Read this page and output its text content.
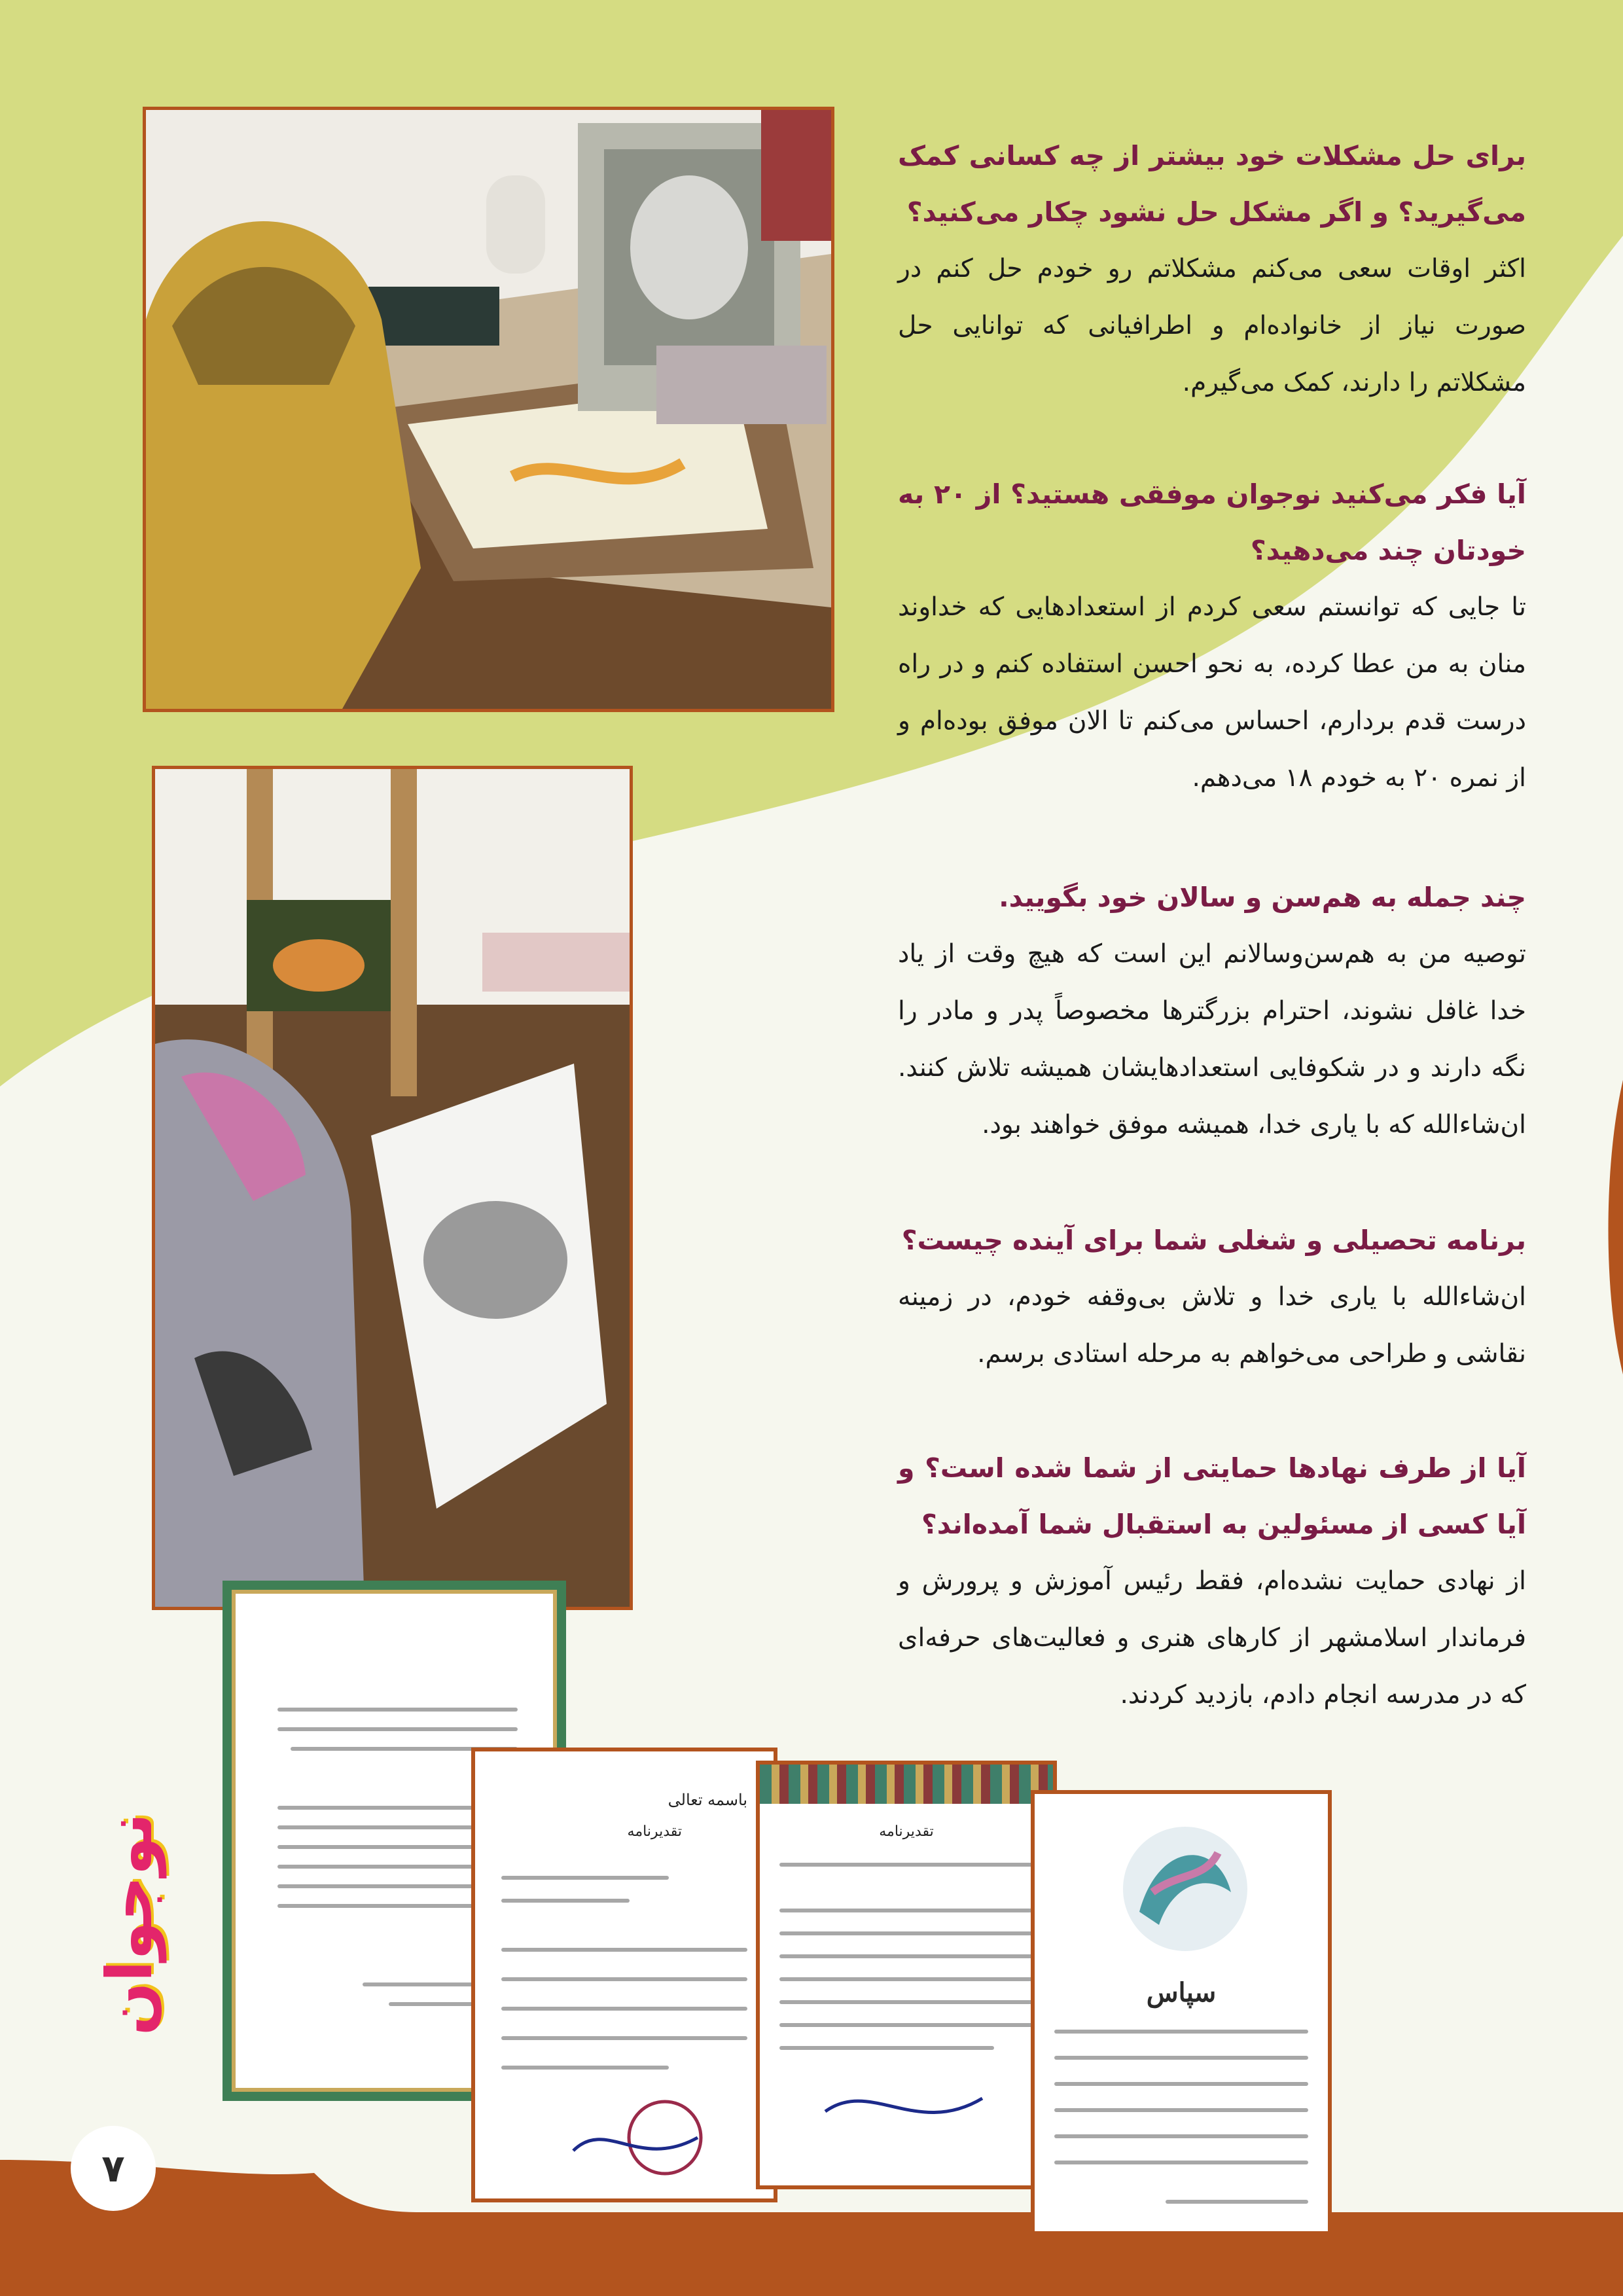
باسمه تعالی
تقدیرنامه	تقدیرنامه
سپاس

برای حل مشکلات خود بیشتر از چه کسانی کمک می‌گیرید؟ و اگر مشکل حل نشود چکار می‌کنید؟

اکثر اوقات سعی می‌کنم مشکلاتم رو خودم حل کنم در صورت نیاز از خانواده‌ام و اطرافیانی که توانایی حل مشکلاتم را دارند، کمک می‌گیرم.

آیا فکر می‌کنید نوجوان موفقی هستید؟ از ۲۰ به خودتان چند می‌دهید؟

تا جایی که توانستم سعی کردم از استعدادهایی که خداوند منان به من عطا کرده، به نحو احسن استفاده کنم و در راه درست قدم بردارم، احساس می‌کنم تا الان موفق بوده‌ام و از نمره ۲۰ به خودم ۱۸ می‌دهم.

چند جمله به هم‌سن و سالان خود بگویید.

توصیه من به هم‌سن‌وسالانم این است که هیچ وقت از یاد خدا غافل نشوند، احترام بزرگترها مخصوصاً پدر و مادر را نگه دارند و در شکوفایی استعدادهایشان همیشه تلاش کنند. ان‌شاءالله که با یاری خدا، همیشه موفق خواهند بود.

برنامه تحصیلی و شغلی شما برای آینده چیست؟

ان‌شاءالله با یاری خدا و تلاش بی‌وقفه خودم، در زمینه نقاشی و طراحی می‌خواهم به مرحله استادی برسم.

آیا از طرف نهادها حمایتی از شما شده است؟ و آیا کسی از مسئولین به استقبال شما آمده‌اند؟

از نهادی حمایت نشده‌ام، فقط رئیس آموزش و پرورش و فرماندار اسلامشهر از کارهای هنری و فعالیت‌های حرفه‌ای که در مدرسه انجام دادم، بازدید کردند.

نوجوان
۷
